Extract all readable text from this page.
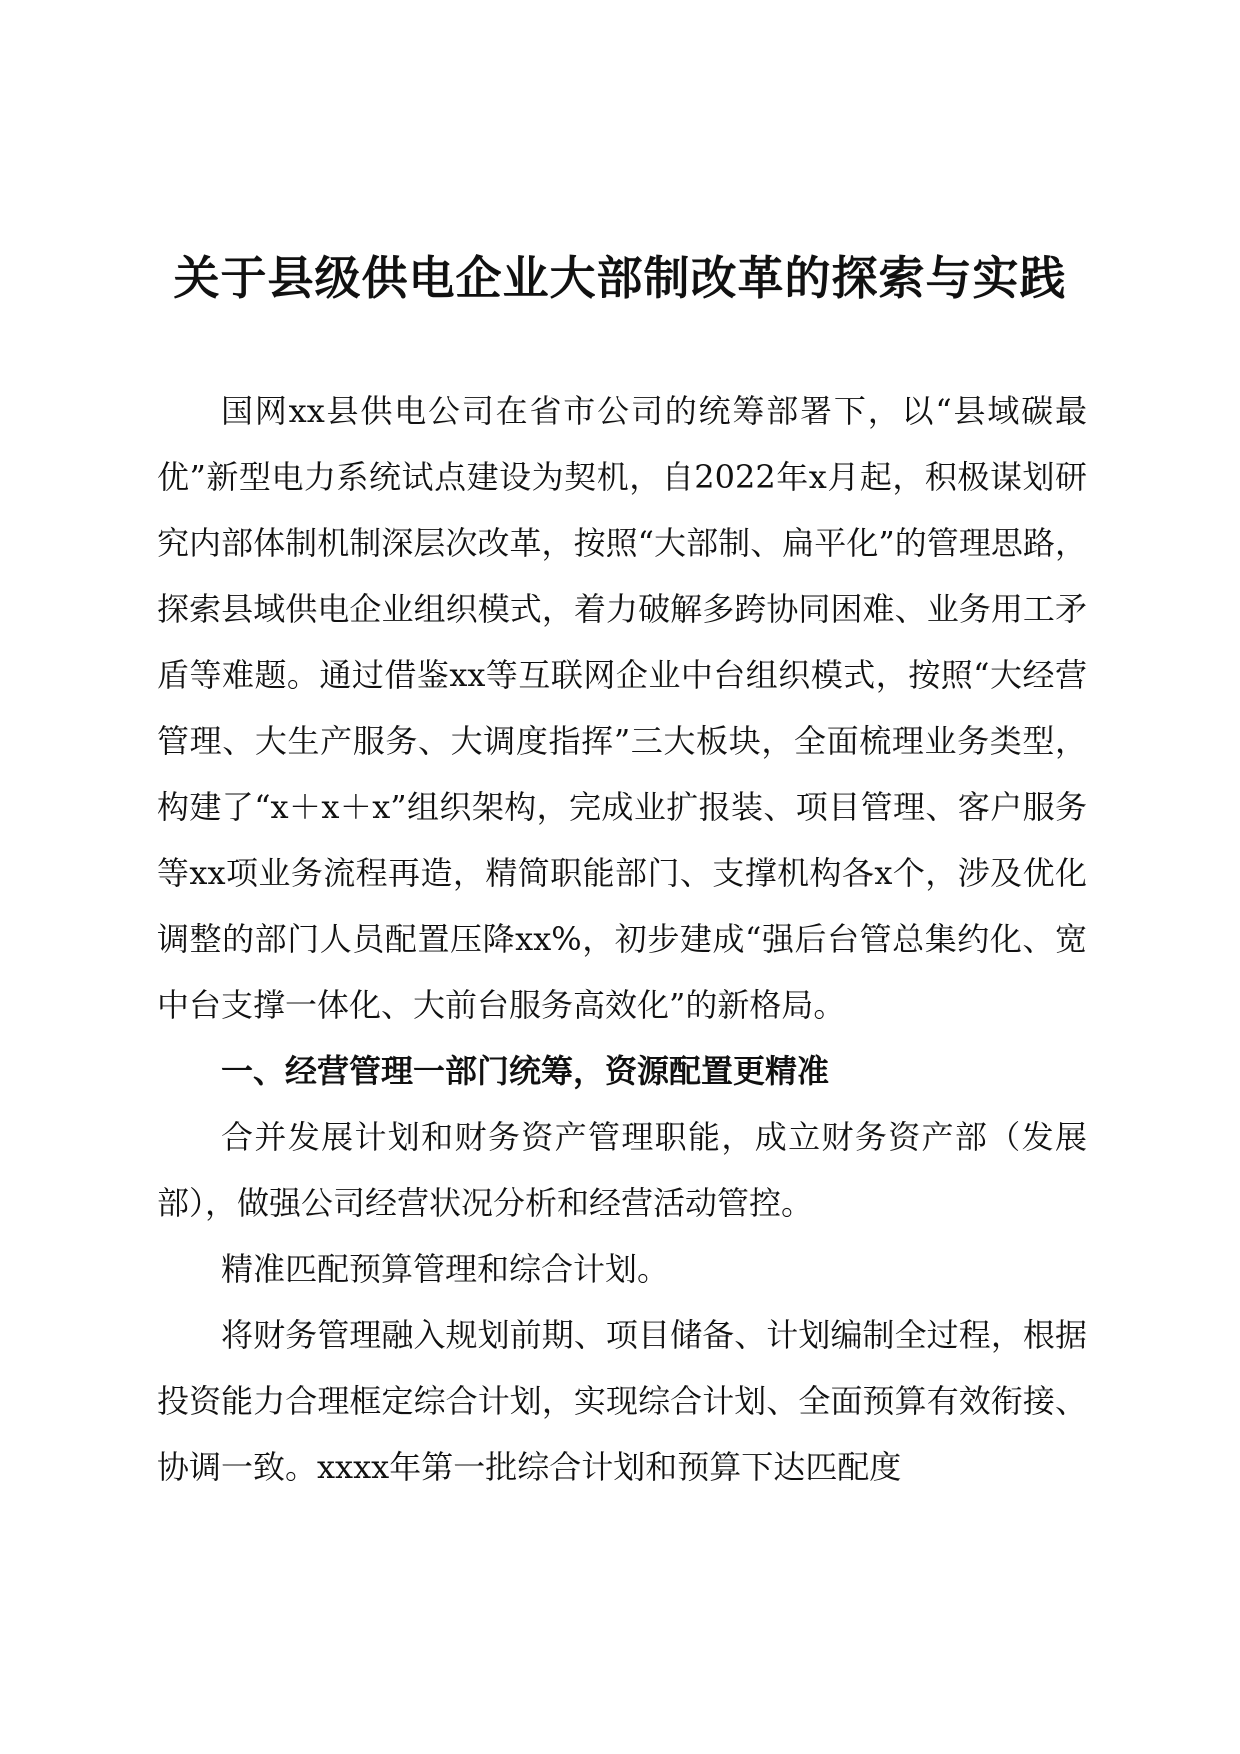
关于县级供电企业大部制改革的探索与实践

国网xx县供电公司在省市公司的统筹部署下，以“县域碳最优”新型电力系统试点建设为契机，自2022年x月起，积极谋划研究内部体制机制深层次改革，按照“大部制、扁平化”的管理思路，探索县域供电企业组织模式，着力破解多跨协同困难、业务用工矛盾等难题。通过借鉴xx等互联网企业中台组织模式，按照“大经营管理、大生产服务、大调度指挥”三大板块，全面梳理业务类型，构建了“x＋x＋x”组织架构，完成业扩报装、项目管理、客户服务等xx项业务流程再造，精简职能部门、支撑机构各x个，涉及优化调整的部门人员配置压降xx%，初步建成“强后台管总集约化、宽中台支撑一体化、大前台服务高效化”的新格局。

一、经营管理一部门统筹，资源配置更精准

合并发展计划和财务资产管理职能，成立财务资产部（发展部），做强公司经营状况分析和经营活动管控。

精准匹配预算管理和综合计划。

将财务管理融入规划前期、项目储备、计划编制全过程，根据投资能力合理框定综合计划，实现综合计划、全面预算有效衔接、协调一致。xxxx年第一批综合计划和预算下达匹配度
